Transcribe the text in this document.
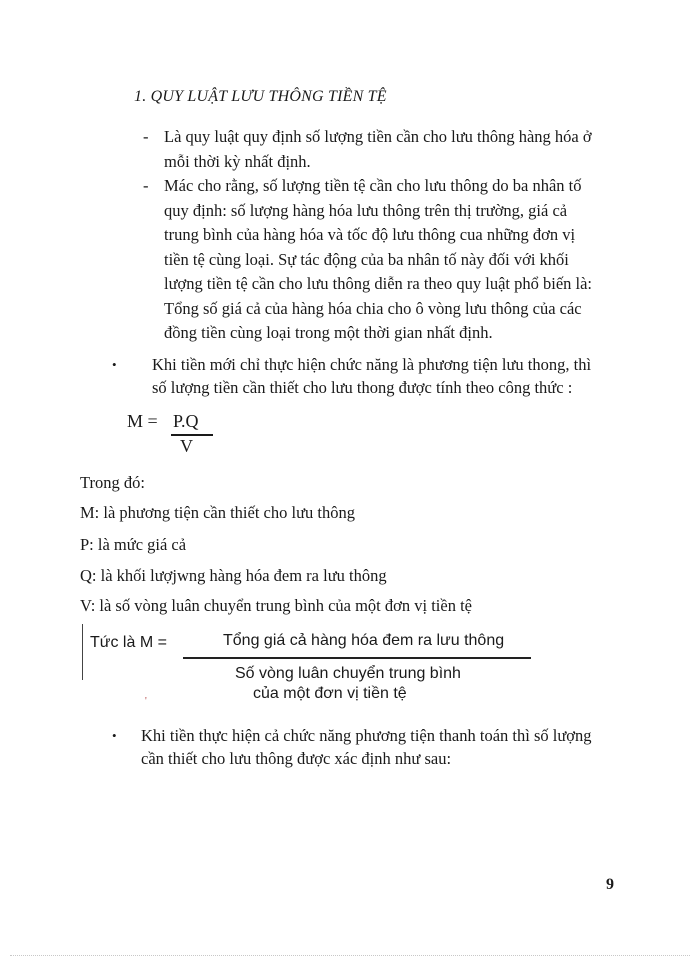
1. QUY LUẬT LƯU THÔNG TIỀN TỆ
- Là quy luật quy định số lượng tiền cần cho lưu thông hàng hóa ở
mỗi thời kỳ nhất định.
- Mác cho rằng, số lượng tiền tệ cần cho lưu thông do ba nhân tố
quy định: số lượng hàng hóa lưu thông trên thị trường, giá cả
trung bình của hàng hóa và tốc độ lưu thông cua những đơn vị
tiền tệ cùng loại. Sự tác động của ba nhân tố này đối với khối
lượng tiền tệ cần cho lưu thông diễn ra theo quy luật phổ biến là:
Tổng số giá cả của hàng hóa chia cho ô vòng lưu thông của các
đồng tiền cùng loại trong một thời gian nhất định.
• Khi tiền mới chỉ thực hiện chức năng là phương tiện lưu thong, thì
số lượng tiền cần thiết cho lưu thong được tính theo công thức :
M = P.Q
V
Trong đó:
M: là phương tiện cần thiết cho lưu thông
P: là mức giá cả
Q: là khối lượjwng hàng hóa đem ra lưu thông
V: là số vòng luân chuyển trung bình của một đơn vị tiền tệ
Tức là M =	Tổng giá cả hàng hóa đem ra lưu thông
Số vòng luân chuyển trung bình
của một đơn vị tiền tệ
'
• Khi tiền thực hiện cả chức năng phương tiện thanh toán thì số lượng
cần thiết cho lưu thông được xác định như sau:
9
